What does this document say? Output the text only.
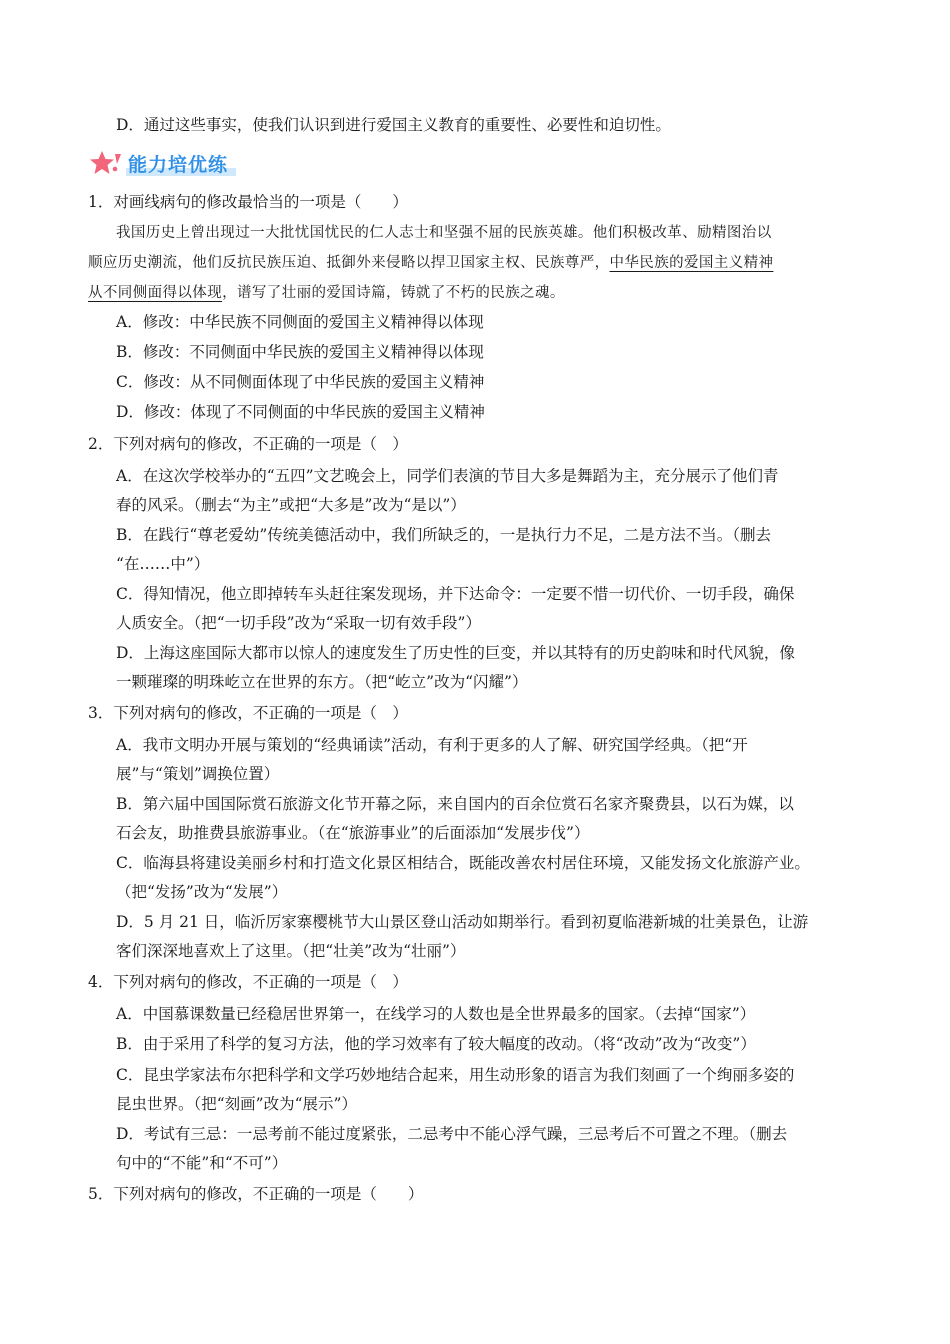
D．通过这些事实，使我们认识到进行爱国主义教育的重要性、必要性和迫切性。
能力培优练
1．对画线病句的修改最恰当的一项是（　　）
我国历史上曾出现过一大批忧国忧民的仁人志士和坚强不屈的民族英雄。他们积极改革、励精图治以
顺应历史潮流，他们反抗民族压迫、抵御外来侵略以捍卫国家主权、民族尊严，中华民族的爱国主义精神
从不同侧面得以体现，谱写了壮丽的爱国诗篇，铸就了不朽的民族之魂。
A．修改：中华民族不同侧面的爱国主义精神得以体现
B．修改：不同侧面中华民族的爱国主义精神得以体现
C．修改：从不同侧面体现了中华民族的爱国主义精神
D．修改：体现了不同侧面的中华民族的爱国主义精神
2．下列对病句的修改，不正确的一项是（　）
A．在这次学校举办的“五四”文艺晚会上，同学们表演的节目大多是舞蹈为主，充分展示了他们青
春的风采。（删去“为主”或把“大多是”改为“是以”）
B．在践行“尊老爱幼”传统美德活动中，我们所缺乏的，一是执行力不足，二是方法不当。（删去
“在……中”）
C．得知情况，他立即掉转车头赶往案发现场，并下达命令：一定要不惜一切代价、一切手段，确保
人质安全。（把“一切手段”改为“采取一切有效手段”）
D．上海这座国际大都市以惊人的速度发生了历史性的巨变，并以其特有的历史韵味和时代风貌，像
一颗璀璨的明珠屹立在世界的东方。（把“屹立”改为“闪耀”）
3．下列对病句的修改，不正确的一项是（　）
A．我市文明办开展与策划的“经典诵读”活动，有利于更多的人了解、研究国学经典。（把“开
展”与“策划”调换位置）
B．第六届中国国际赏石旅游文化节开幕之际，来自国内的百余位赏石名家齐聚费县，以石为媒，以
石会友，助推费县旅游事业。（在“旅游事业”的后面添加“发展步伐”）
C．临海县将建设美丽乡村和打造文化景区相结合，既能改善农村居住环境，又能发扬文化旅游产业。
（把“发扬”改为“发展”）
D．5 月 21 日，临沂厉家寨樱桃节大山景区登山活动如期举行。看到初夏临港新城的壮美景色，让游
客们深深地喜欢上了这里。（把“壮美”改为“壮丽”）
4．下列对病句的修改，不正确的一项是（　）
A．中国慕课数量已经稳居世界第一，在线学习的人数也是全世界最多的国家。（去掉“国家”）
B．由于采用了科学的复习方法，他的学习效率有了较大幅度的改动。（将“改动”改为“改变”）
C．昆虫学家法布尔把科学和文学巧妙地结合起来，用生动形象的语言为我们刻画了一个绚丽多姿的
昆虫世界。（把“刻画”改为“展示”）
D．考试有三忌：一忌考前不能过度紧张，二忌考中不能心浮气躁，三忌考后不可置之不理。（删去
句中的“不能”和“不可”）
5．下列对病句的修改，不正确的一项是（　　）
